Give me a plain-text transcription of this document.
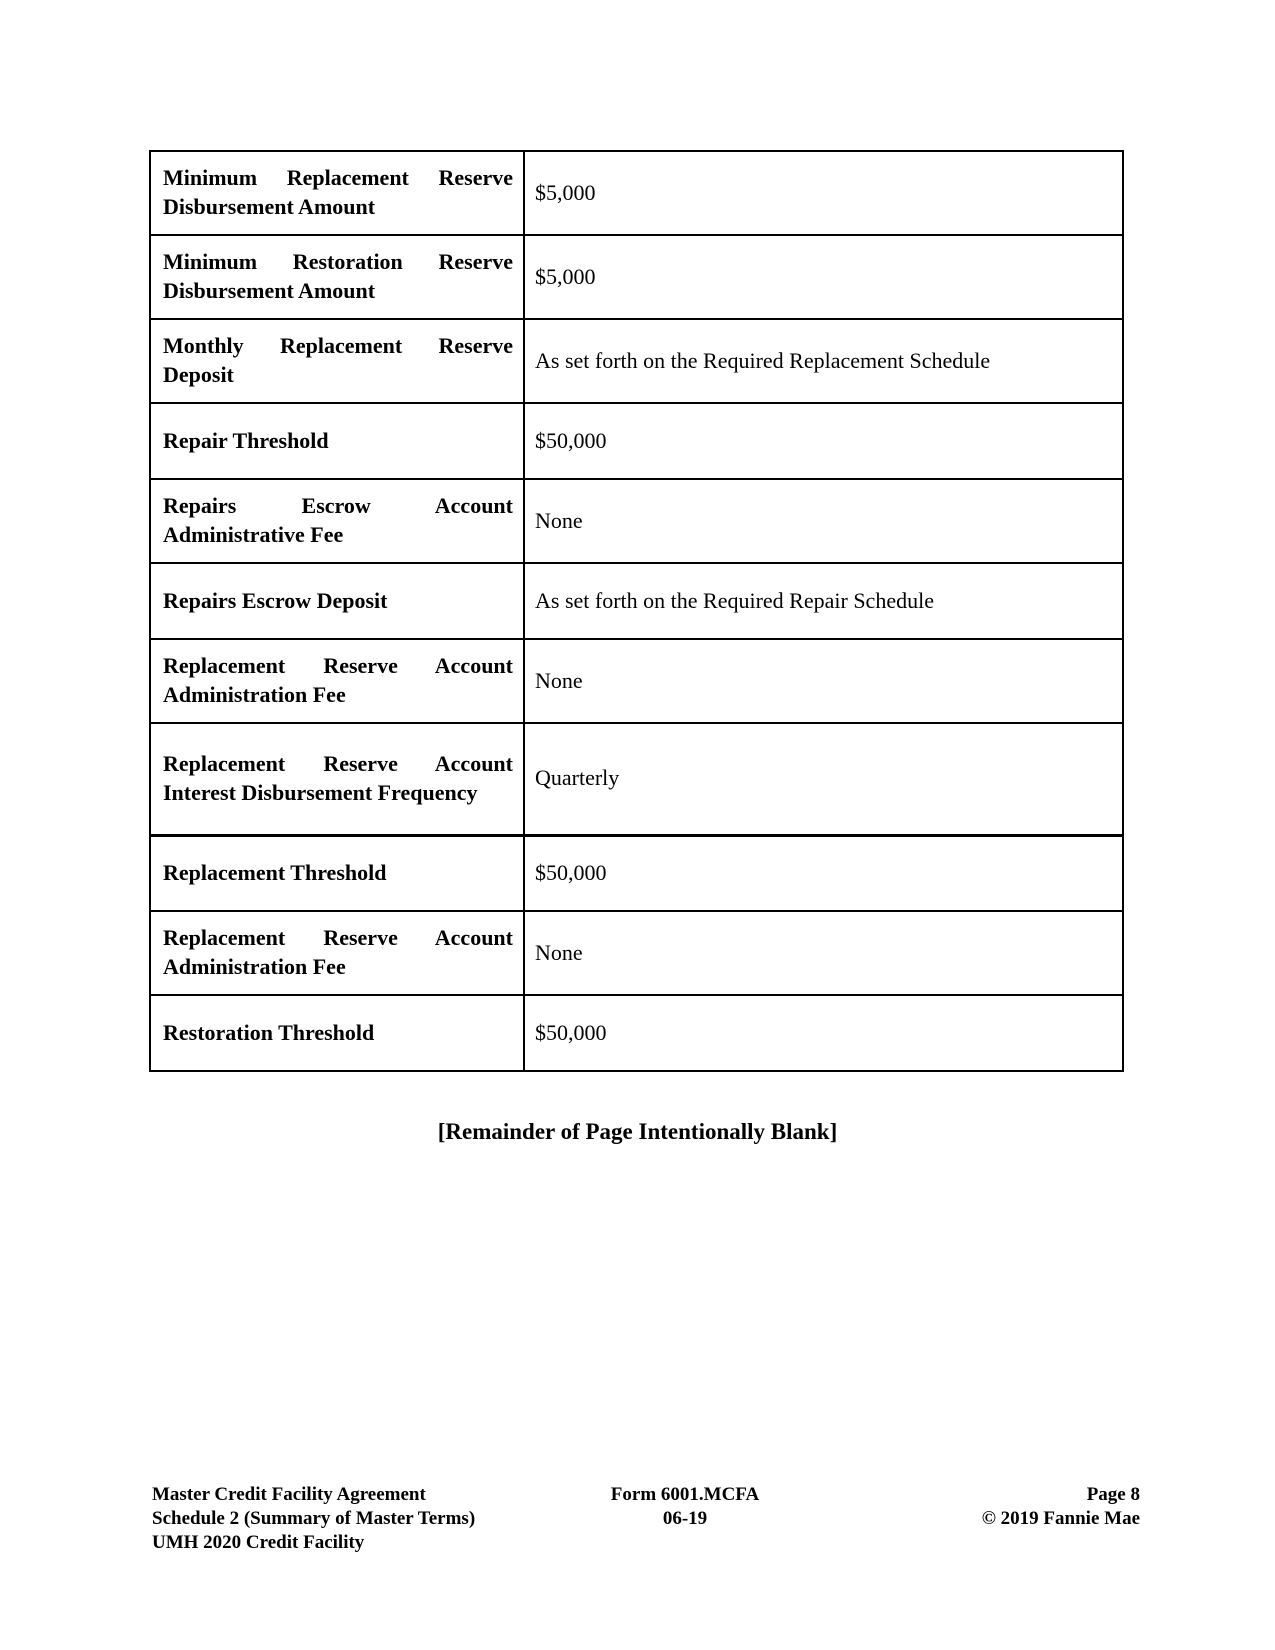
Minimum Replacement Reserve Disbursement Amount	$5,000
Minimum Restoration Reserve Disbursement Amount	$5,000
Monthly Replacement Reserve Deposit	As set forth on the Required Replacement Schedule
Repair Threshold	$50,000
Repairs Escrow Account Administrative Fee	None
Repairs Escrow Deposit	As set forth on the Required Repair Schedule
Replacement Reserve Account Administration Fee	None
Replacement Reserve Account Interest Disbursement Frequency	Quarterly
Replacement Threshold	$50,000
Replacement Reserve Account Administration Fee	None
Restoration Threshold	$50,000
[Remainder of Page Intentionally Blank]
Master Credit Facility Agreement
Schedule 2 (Summary of Master Terms)
UMH 2020 Credit Facility
Form 6001.MCFA
06-19
Page 8
© 2019 Fannie Mae
